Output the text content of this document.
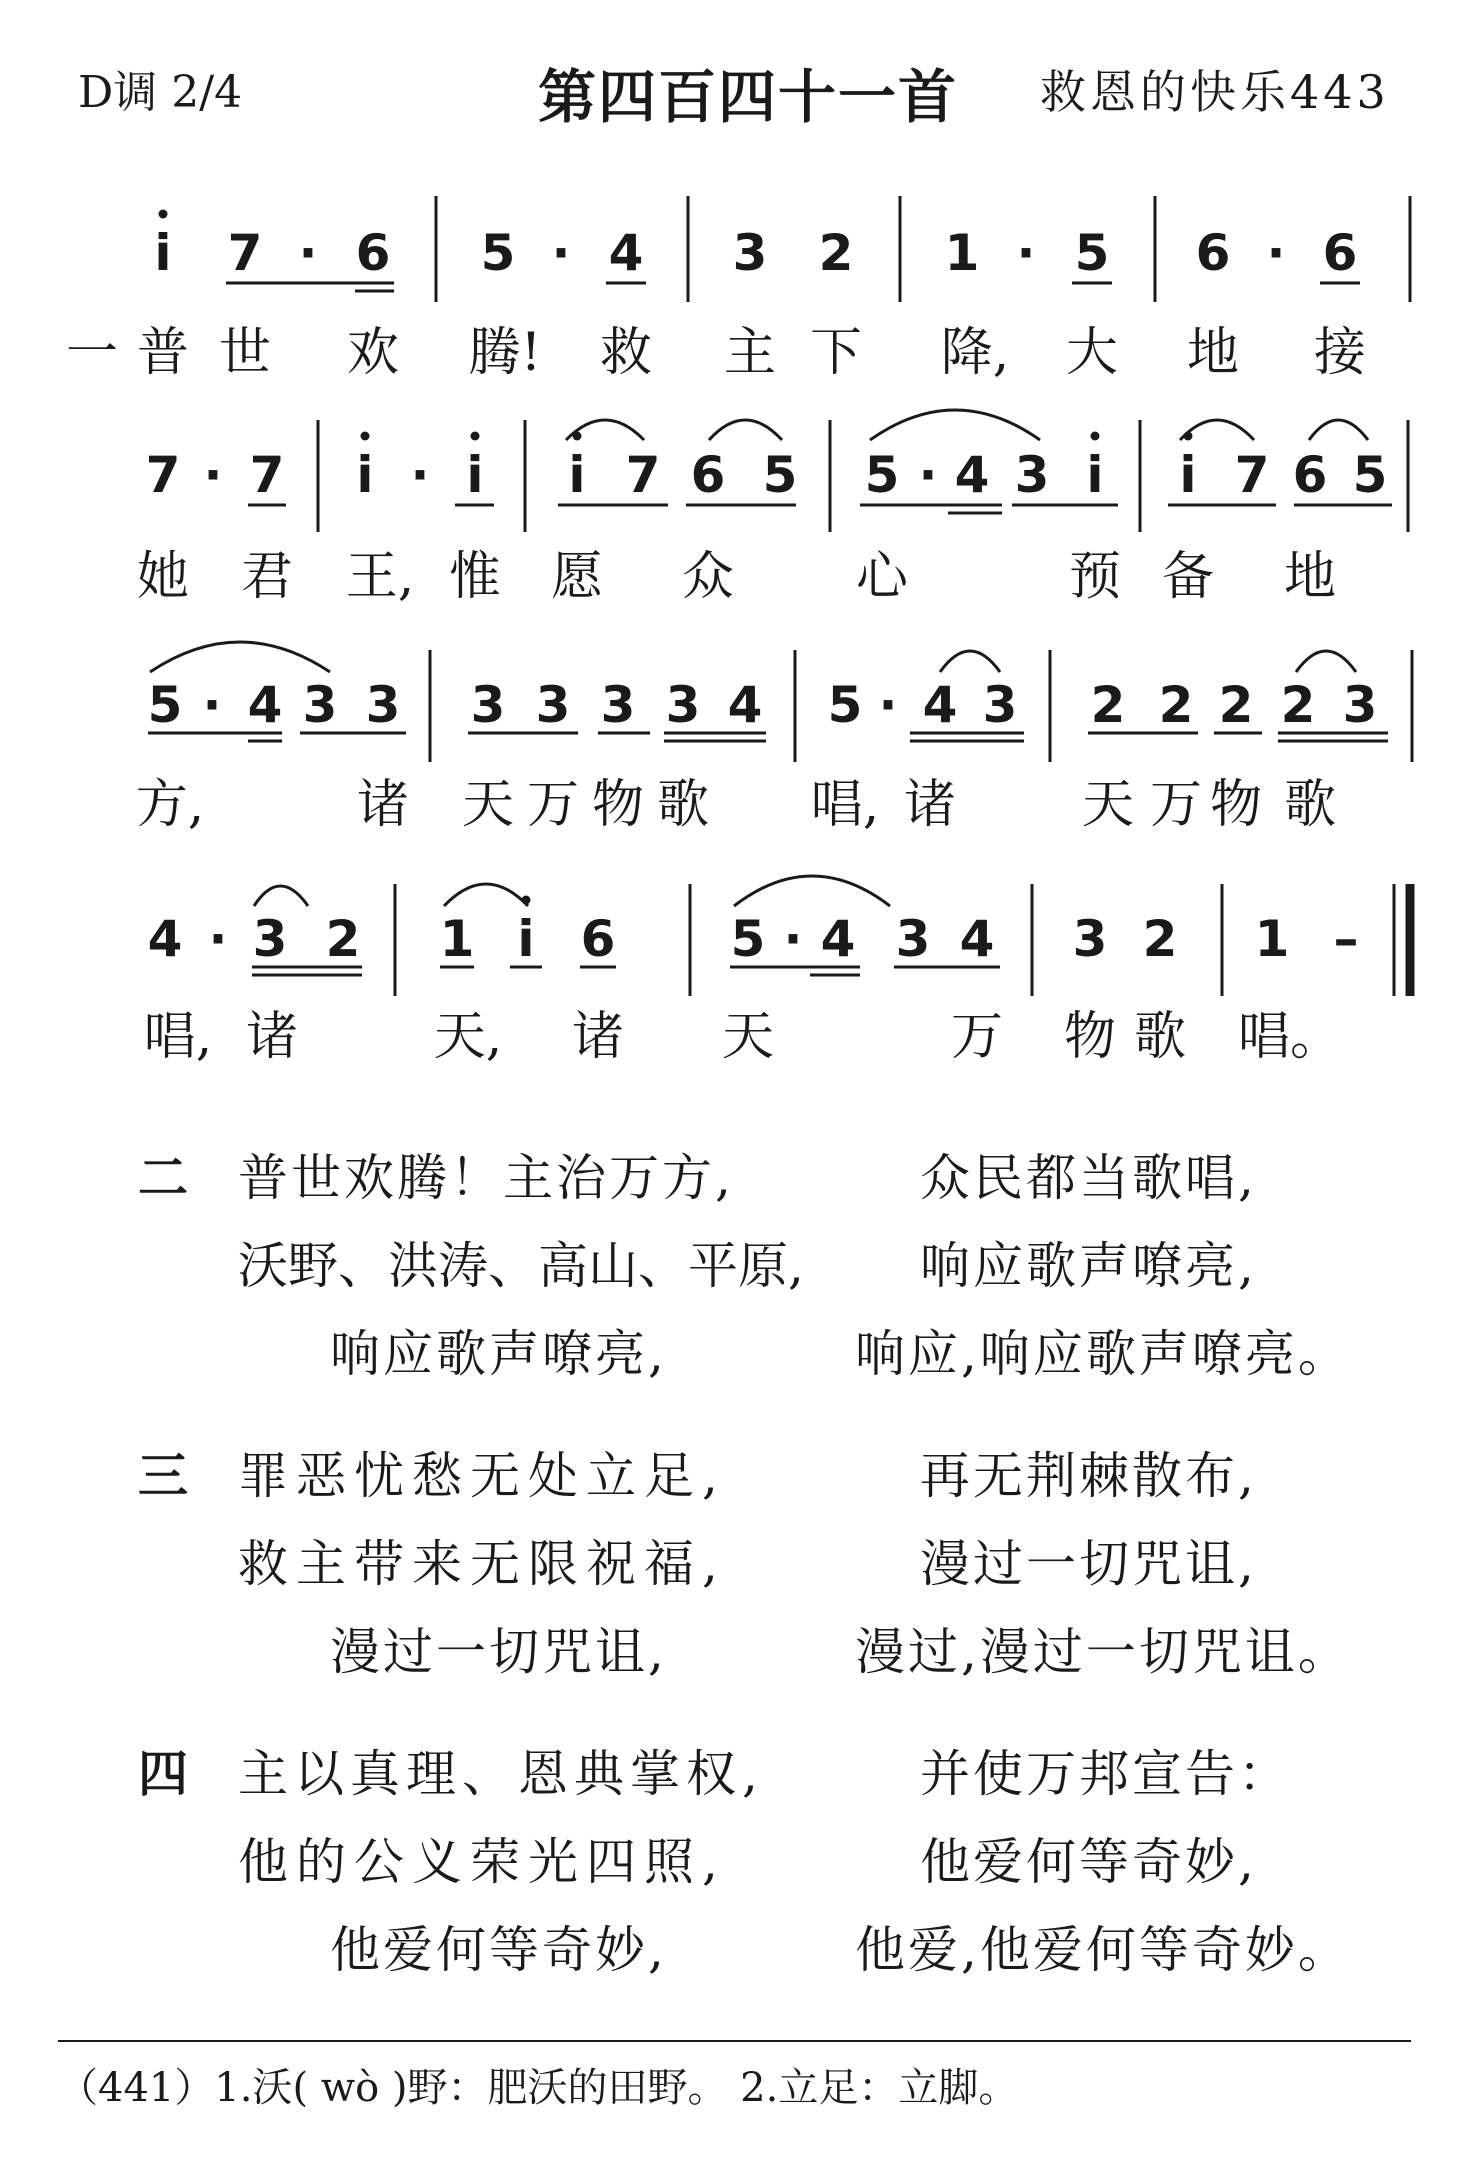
D调 2/4	第四百四十一首 救恩的快乐443
i 7 · 6 5 · 4 3 2 1 · 5 6 · 6
一 普 世 欢 腾! 救 主 下 降, 大 地 接
7 · 7 i · i i 7 6 5 5 · 4 3 i i 7 6 5
她 君 王, 惟 愿 众 心	预 备 地
5 · 4 3 3 3 3 3 3 4 5 · 4 3 2 2 2 2 3
方,	诸 天 万 物 歌 唱, 诸 天 万 物 歌
4 · 3 2 1 i 6 5 · 4 3 4 3 2 1 –
唱, 诸	天, 诸 天	万 物 歌 唱。
二 普世欢腾！主治万方,	众民都当歌唱,
沃野、洪涛、高山、平原, 响应歌声嘹亮,
响应歌声嘹亮,	响应,响应歌声嘹亮。
三 罪恶忧愁无处立足,	再无荆棘散布,
救主带来无限祝福,	漫过一切咒诅,
漫过一切咒诅,	漫过,漫过一切咒诅。
四 主以真理、恩典掌权,	并使万邦宣告：
他的公义荣光四照,	他爱何等奇妙,
他爱何等奇妙,	他爱,他爱何等奇妙。
（441）1.沃( wò )野：肥沃的田野。 2.立足：立脚。
